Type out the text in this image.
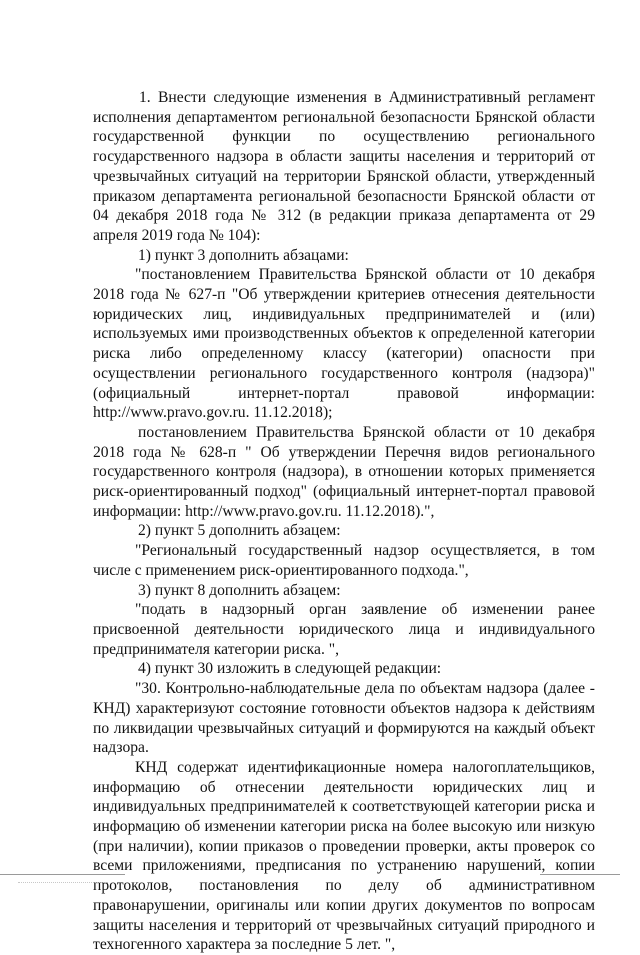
1. Внести следующие изменения в Административный регламент исполнения департаментом региональной безопасности Брянской области государственной функции по осуществлению регионального государственного надзора в области защиты населения и территорий от чрезвычайных ситуаций на территории Брянской области, утвержденный приказом департамента региональной безопасности Брянской области от 04 декабря 2018 года № 312 (в редакции приказа департамента от 29 апреля 2019 года № 104):

1) пункт 3 дополнить абзацами:

"постановлением Правительства Брянской области от 10 декабря 2018 года № 627-п "Об утверждении критериев отнесения деятельности юридических лиц, индивидуальных предпринимателей и (или) используемых ими производственных объектов к определенной категории риска либо определенному классу (категории) опасности при осуществлении регионального государственного контроля (надзора)" (официальный интернет-портал правовой информации: http://www.pravo.gov.ru. 11.12.2018);

постановлением Правительства Брянской области от 10 декабря 2018 года № 628-п " Об утверждении Перечня видов регионального государственного контроля (надзора), в отношении которых применяется риск-ориентированный подход" (официальный интернет-портал правовой информации: http://www.pravo.gov.ru. 11.12.2018).",

2) пункт 5 дополнить абзацем:

"Региональный государственный надзор осуществляется, в том числе с применением риск-ориентированного подхода.",

3) пункт 8 дополнить абзацем:

"подать в надзорный орган заявление об изменении ранее присвоенной деятельности юридического лица и индивидуального предпринимателя категории риска. ",

4) пункт 30 изложить в следующей редакции:

"30. Контрольно-наблюдательные дела по объектам надзора (далее - КНД) характеризуют состояние готовности объектов надзора к действиям по ликвидации чрезвычайных ситуаций и формируются на каждый объект надзора.

КНД содержат идентификационные номера налогоплательщиков, информацию об отнесении деятельности юридических лиц и индивидуальных предпринимателей к соответствующей категории риска и информацию об изменении категории риска на более высокую или низкую (при наличии), копии приказов о проведении проверки, акты проверок со всеми приложениями, предписания по устранению нарушений, копии протоколов, постановления по делу об административном правонарушении, оригиналы или копии других документов по вопросам защиты населения и территорий от чрезвычайных ситуаций природного и техногенного характера за последние 5 лет. ",
